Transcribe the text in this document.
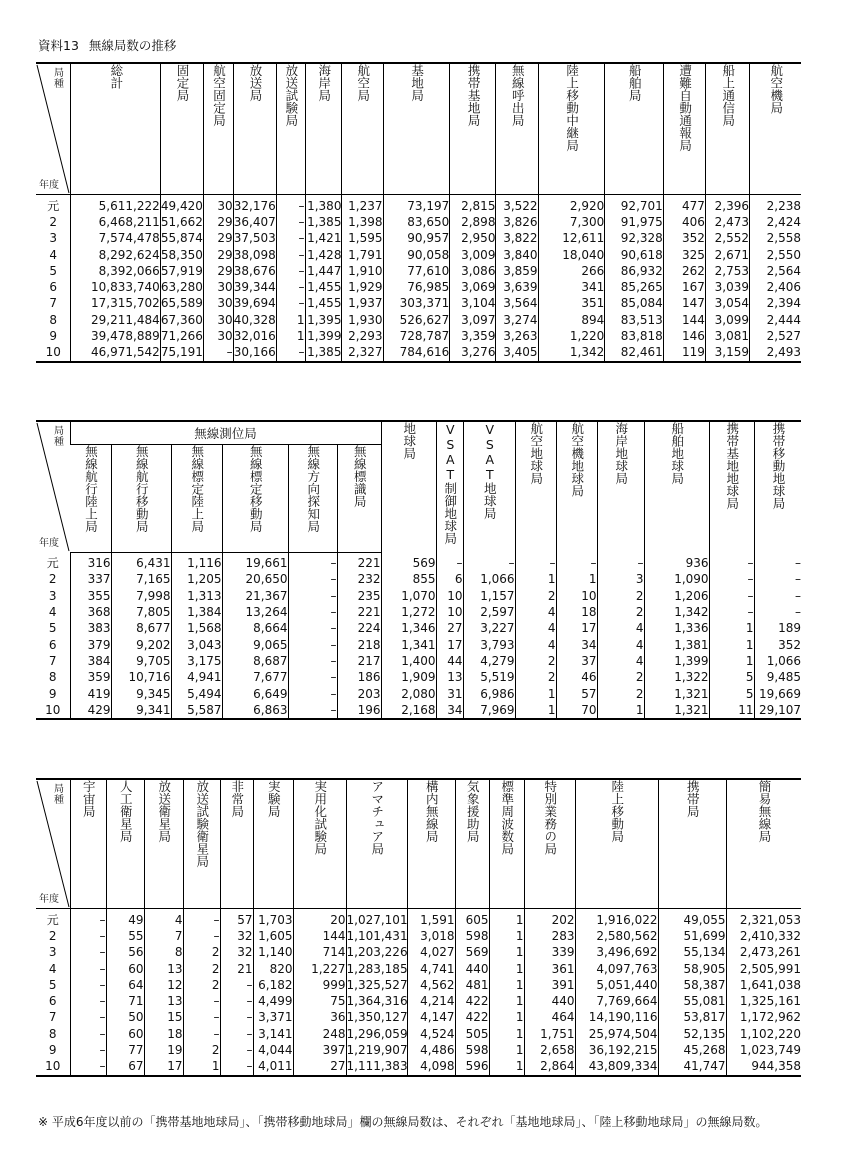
資料13 無線局数の推移
局種
年度	総計	固定局	航空固定局	放送局	放送試験局	海岸局	航空局	基地局	携帯基地局	無線呼出局	陸上移動中継局	船舶局	遭難自動通報局	船上通信局	航空機局
元	5,611,222	49,420	30	32,176	–	1,380	1,237	73,197	2,815	3,522	2,920	92,701	477	2,396	2,238
2	6,468,211	51,662	29	36,407	–	1,385	1,398	83,650	2,898	3,826	7,300	91,975	406	2,473	2,424
3	7,574,478	55,874	29	37,503	–	1,421	1,595	90,957	2,950	3,822	12,611	92,328	352	2,552	2,558
4	8,292,624	58,350	29	38,098	–	1,428	1,791	90,058	3,009	3,840	18,040	90,618	325	2,671	2,550
5	8,392,066	57,919	29	38,676	–	1,447	1,910	77,610	3,086	3,859	266	86,932	262	2,753	2,564
6	10,833,740	63,280	30	39,344	–	1,455	1,929	76,985	3,069	3,639	341	85,265	167	3,039	2,406
7	17,315,702	65,589	30	39,694	–	1,455	1,937	303,371	3,104	3,564	351	85,084	147	3,054	2,394
8	29,211,484	67,360	30	40,328	1	1,395	1,930	526,627	3,097	3,274	894	83,513	144	3,099	2,444
9	39,478,889	71,266	30	32,016	1	1,399	2,293	728,787	3,359	3,263	1,220	83,818	146	3,081	2,527
10	46,971,542	75,191	–	30,166	–	1,385	2,327	784,616	3,276	3,405	1,342	82,461	119	3,159	2,493
局種
年度	無線測位局						地球局	VSAT制御地球局	VSAT地球局	航空地球局	航空機地球局	海岸地球局	船舶地球局	携帯基地地球局	携帯移動地球局
	無線航行陸上局	無線航行移動局	無線標定陸上局	無線標定移動局	無線方向探知局	無線標識局									
元	316	6,431	1,116	19,661	–	221	569	–	–	–	–	–	936	–	–
2	337	7,165	1,205	20,650	–	232	855	6	1,066	1	1	3	1,090	–	–
3	355	7,998	1,313	21,367	–	235	1,070	10	1,157	2	10	2	1,206	–	–
4	368	7,805	1,384	13,264	–	221	1,272	10	2,597	4	18	2	1,342	–	–
5	383	8,677	1,568	8,664	–	224	1,346	27	3,227	4	17	4	1,336	1	189
6	379	9,202	3,043	9,065	–	218	1,341	17	3,793	4	34	4	1,381	1	352
7	384	9,705	3,175	8,687	–	217	1,400	44	4,279	2	37	4	1,399	1	1,066
8	359	10,716	4,941	7,677	–	186	1,909	13	5,519	2	46	2	1,322	5	9,485
9	419	9,345	5,494	6,649	–	203	2,080	31	6,986	1	57	2	1,321	5	19,669
10	429	9,341	5,587	6,863	–	196	2,168	34	7,969	1	70	1	1,321	11	29,107
局種
年度	宇宙局	人工衛星局	放送衛星局	放送試験衛星局	非常局	実験局	実用化試験局	アマチュア局	構内無線局	気象援助局	標準周波数局	特別業務の局	陸上移動局	携帯局	簡易無線局
元	–	49	4	–	57	1,703	20	1,027,101	1,591	605	1	202	1,916,022	49,055	2,321,053
2	–	55	7	–	32	1,605	144	1,101,431	3,018	598	1	283	2,580,562	51,699	2,410,332
3	–	56	8	2	32	1,140	714	1,203,226	4,027	569	1	339	3,496,692	55,134	2,473,261
4	–	60	13	2	21	820	1,227	1,283,185	4,741	440	1	361	4,097,763	58,905	2,505,991
5	–	64	12	2	–	6,182	999	1,325,527	4,562	481	1	391	5,051,440	58,387	1,641,038
6	–	71	13	–	–	4,499	75	1,364,316	4,214	422	1	440	7,769,664	55,081	1,325,161
7	–	50	15	–	–	3,371	36	1,350,127	4,147	422	1	464	14,190,116	53,817	1,172,962
8	–	60	18	–	–	3,141	248	1,296,059	4,524	505	1	1,751	25,974,504	52,135	1,102,220
9	–	77	19	2	–	4,044	397	1,219,907	4,486	598	1	2,658	36,192,215	45,268	1,023,749
10	–	67	17	1	–	4,011	27	1,111,383	4,098	596	1	2,864	43,809,334	41,747	944,358
※ 平成6年度以前の「携帯基地地球局」、「携帯移動地球局」欄の無線局数は、それぞれ「基地地球局」、「陸上移動地球局」の無線局数。
